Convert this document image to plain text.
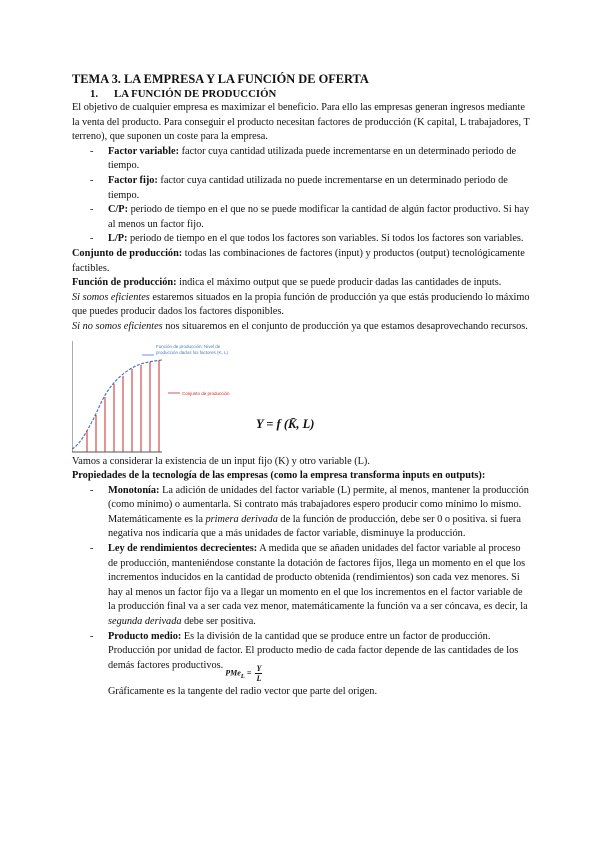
TEMA 3. LA EMPRESA Y LA FUNCIÓN DE OFERTA
1. LA FUNCIÓN DE PRODUCCIÓN

El objetivo de cualquier empresa es maximizar el beneficio. Para ello las empresas generan ingresos mediante la venta del producto. Para conseguir el producto necesitan factores de producción (K capital, L trabajadores, T terreno), que suponen un coste para la empresa.

- Factor variable: factor cuya cantidad utilizada puede incrementarse en un determinado periodo de tiempo.
- Factor fijo: factor cuya cantidad utilizada no puede incrementarse en un determinado periodo de tiempo.
- C/P: periodo de tiempo en el que no se puede modificar la cantidad de algún factor productivo. Si hay al menos un factor fijo.
- L/P: periodo de tiempo en el que todos los factores son variables. Si todos los factores son variables.

Conjunto de producción: todas las combinaciones de factores (input) y productos (output) tecnológicamente factibles.

Función de producción: indica el máximo output que se puede producir dadas las cantidades de inputs.

Si somos eficientes estaremos situados en la propia función de producción ya que estás produciendo lo máximo que puedes producir dados los factores disponibles.

Si no somos eficientes nos situaremos en el conjunto de producción ya que estamos desaprovechando recursos.

Función de producción: Nivel de producción dados los factores (K, L)
Conjunto de producción
Y = f (K̄, L)

Vamos a considerar la existencia de un input fijo (K) y otro variable (L).

Propiedades de la tecnología de las empresas (como la empresa transforma inputs en outputs):

- Monotonía: La adición de unidades del factor variable (L) permite, al menos, mantener la producción (como mínimo) o aumentarla. Si contrato más trabajadores espero producir como mínimo lo mismo. Matemáticamente es la primera derivada de la función de producción, debe ser 0 o positiva. si fuera negativa nos indicaría que a más unidades de factor variable, disminuye la producción.
- Ley de rendimientos decrecientes: A medida que se añaden unidades del factor variable al proceso de producción, manteniéndose constante la dotación de factores fijos, llega un momento en el que los incrementos inducidos en la cantidad de producto obtenida (rendimientos) son cada vez menores. Si hay al menos un factor fijo va a llegar un momento en el que los incrementos en el factor variable de la producción final va a ser cada vez menor, matemáticamente la función va a ser cóncava, es decir, la segunda derivada debe ser positiva.
- Producto medio: Es la división de la cantidad que se produce entre un factor de producción. Producción por unidad de factor. El producto medio de cada factor depende de las cantidades de los demás factores productivos.PMe$_L$ = $\frac{Y}{L}$

Gráficamente es la tangente del radio vector que parte del origen.
